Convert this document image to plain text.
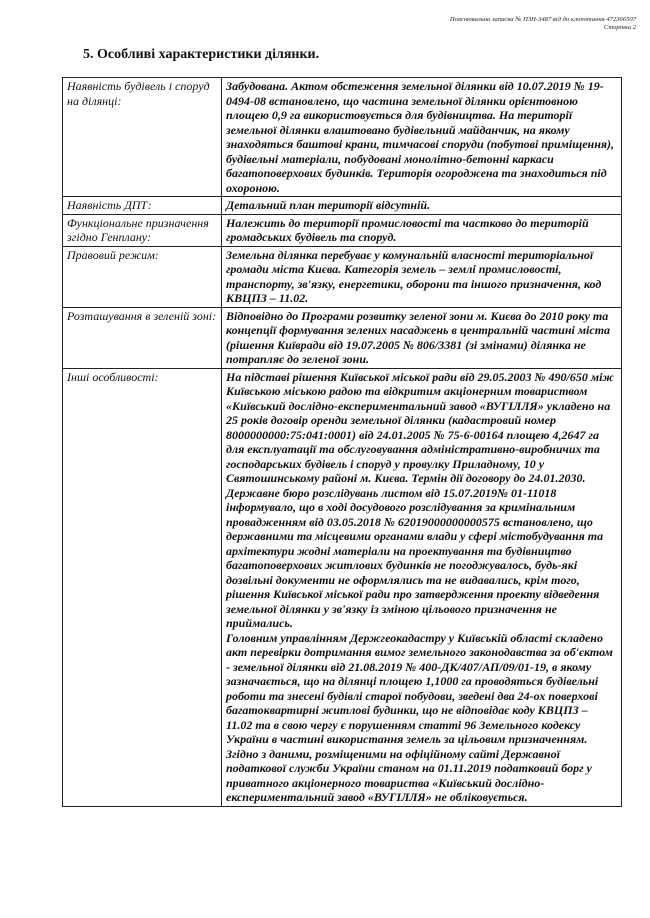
Пояснювальна записка № ПЗН-3487 від до клопотання 472366507
Сторінка 2
5. Особливі характеристики ділянки.
Наявність будівель і споруд на ділянці:	Забудована. Актом обстеження земельної ділянки від 10.07.2019 № 19-0494-08 встановлено, що частина земельної ділянки орієнтовною площею 0,9 га використовується для будівництва. На території земельної ділянки влаштовано будівельний майданчик, на якому знаходяться баштові крани, тимчасові споруди (побутові приміщення), будівельні матеріали, побудовані монолітно-бетонні каркаси багатоповерхових будинків. Територія огороджена та знаходиться під охороною.
Наявність ДПТ:	Детальний план території відсутній.
Функціональне призначення згідно Генплану:	Належить до території промисловості та частково до територій громадських будівель та споруд.
Правовий режим:	Земельна ділянка перебуває у комунальній власності територіальної громади міста Києва. Категорія земель – землі промисловості, транспорту, зв'язку, енергетики, оборони та іншого призначення, код КВЦПЗ – 11.02.
Розташування в зеленій зоні:	Відповідно до Програми розвитку зеленої зони м. Києва до 2010 року та концепції формування зелених насаджень в центральній частині міста (рішення Київради від 19.07.2005 № 806/3381 (зі змінами) ділянка не потрапляє до зеленої зони.
Інші особливості:	На підставі рішення Київської міської ради від 29.05.2003 № 490/650 між Київською міською радою та відкритим акціонерним товариством «Київський дослідно-експериментальний завод «ВУГІЛЛЯ» укладено на 25 років договір оренди земельної ділянки (кадастровий номер 8000000000:75:041:0001) від 24.01.2005 № 75-6-00164 площею 4,2647 га для експлуатації та обслуговування адміністративно-виробничих та господарських будівель і споруд у провулку Приладному, 10 у Святошинському районі м. Києва. Термін дії договору до 24.01.2030.

Державне бюро розслідувань листом від 15.07.2019№ 01-11018 інформувало, що в ході досудового розслідування за кримінальним провадженням від 03.05.2018 № 62019000000000575 встановлено, що державними та місцевими органами влади у сфері містобудування та архітектури жодні матеріали на проектування та будівництво багатоповерхових житлових будинків не погоджувалось, будь-які дозвільні документи не оформлялись та не видавались, крім того, рішення Київської міської ради про затвердження проекту відведення земельної ділянки у зв'язку із зміною цільового призначення не приймались.

Головним управлінням Держгеокадастру у Київській області складено акт перевірки дотримання вимог земельного законодавства за об'єктом - земельної ділянки від 21.08.2019 № 400-ДК/407/АП/09/01-19, в якому зазначається, що на ділянці площею 1,1000 га проводяться будівельні роботи та знесені будівлі старої побудови, зведені два 24-ох поверхові багатоквартирні житлові будинки, що не відповідає коду КВЦПЗ – 11.02 та в свою чергу є порушенням статті 96 Земельного кодексу України в частині використання земель за цільовим призначенням.

Згідно з даними, розміщеними на офіційному сайті Державної податкової служби України станом на 01.11.2019 податковий борг у приватного акціонерного товариства «Київський дослідно-експериментальний завод «ВУГІЛЛЯ» не обліковується.
